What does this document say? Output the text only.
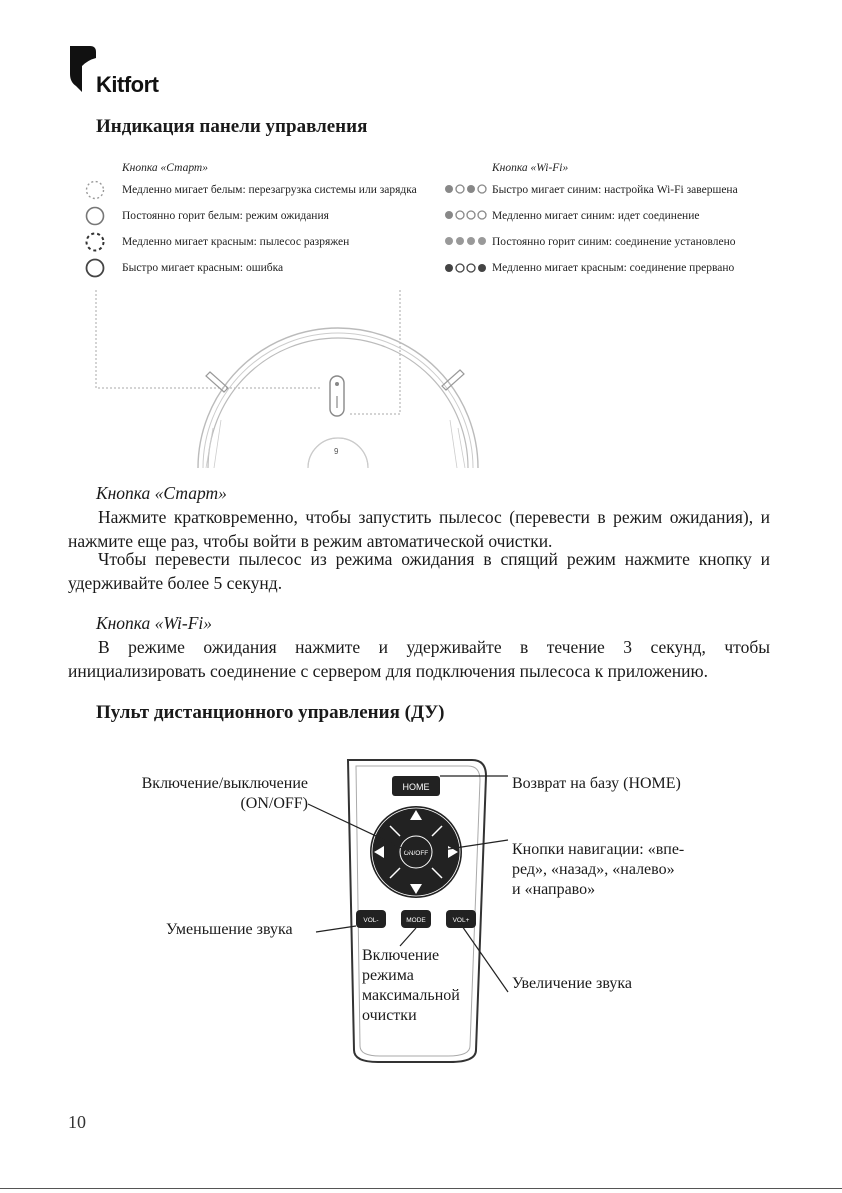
Kitfort
Индикация панели управления
Кнопка «Старт»	Кнопка «Wi-Fi»
Медленно мигает белым: перезагрузка системы или зарядка
Постоянно горит белым: режим ожидания
Медленно мигает красным: пылесос разряжен
Быстро мигает красным: ошибка
Быстро мигает синим: настройка Wi-Fi завершена
Медленно мигает синим: идет соединение
Постоянно горит синим: соединение установлено
Медленно мигает красным: соединение прервано
9
Кнопка «Старт»
Нажмите кратковременно, чтобы запустить пылесос (перевести в режим ожидания), и нажмите еще раз, чтобы войти в режим автоматической очистки.
Чтобы перевести пылесос из режима ожидания в спящий режим нажмите кнопку и удерживайте более 5 секунд.
Кнопка «Wi-Fi»
В режиме ожидания нажмите и удерживайте в течение 3 секунд, чтобы инициализировать соединение с сервером для подключения пылесоса к приложению.
Пульт дистанционного управления (ДУ)
HOME
ON/OFF
VOL-	MODE	VOL+
Включение/выключение
(ON/OFF)
Возврат на базу (HOME)
Кнопки навигации: «впе-
ред», «назад», «налево»
и «направо»
Уменьшение звука
Включение
режима
максимальной
очистки
Увеличение звука
10
